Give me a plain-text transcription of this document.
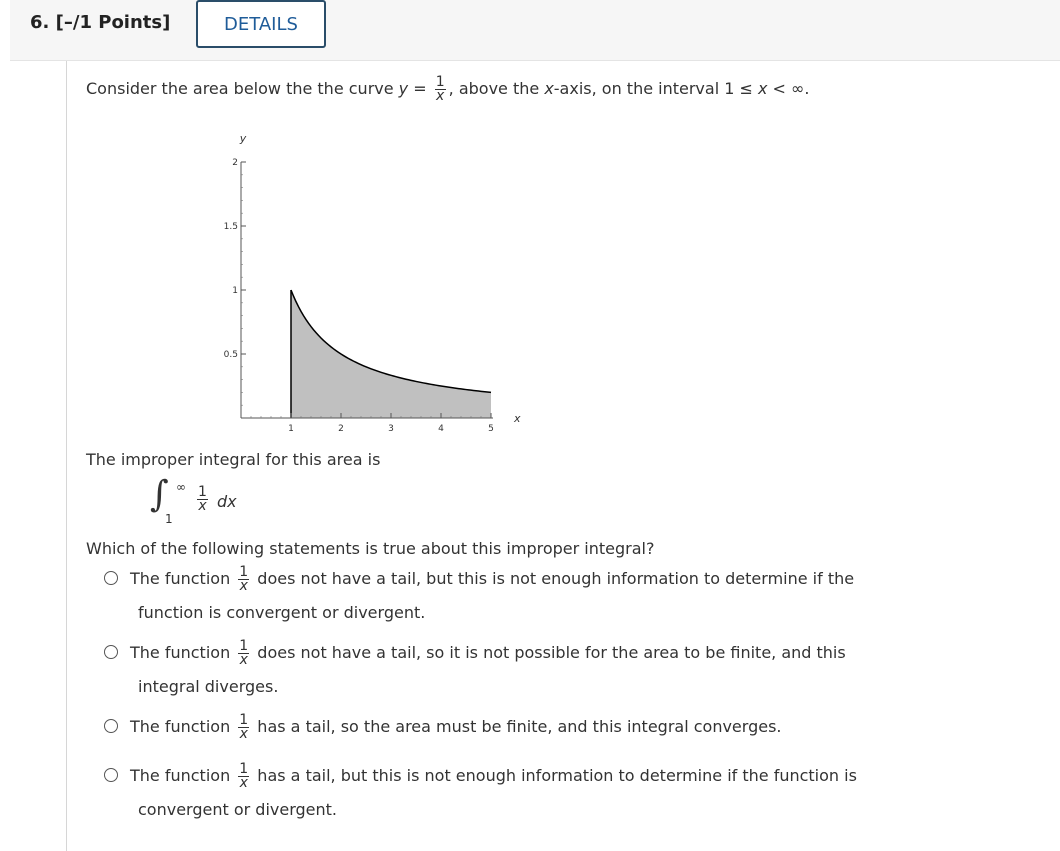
6. [–/1 Points]	DETAILS
Consider the area below the the curve $y = \frac{1}{x}$ , above the x-axis, on the interval 1 ≤ x < ∞.
1	2	3	4	5
0.5
1
1.5
2
x
y
The improper integral for this area is
∫ ∞
1
$\frac{1}{x}$ dx
Which of the following statements is true about this improper integral?
The function $\frac{1}{x}$ does not have a tail, but this is not enough information to determine if the
function is convergent or divergent.
The function $\frac{1}{x}$ does not have a tail, so it is not possible for the area to be finite, and this
integral diverges.
The function $\frac{1}{x}$ has a tail, so the area must be finite, and this integral converges.
The function $\frac{1}{x}$ has a tail, but this is not enough information to determine if the function is
convergent or divergent.
